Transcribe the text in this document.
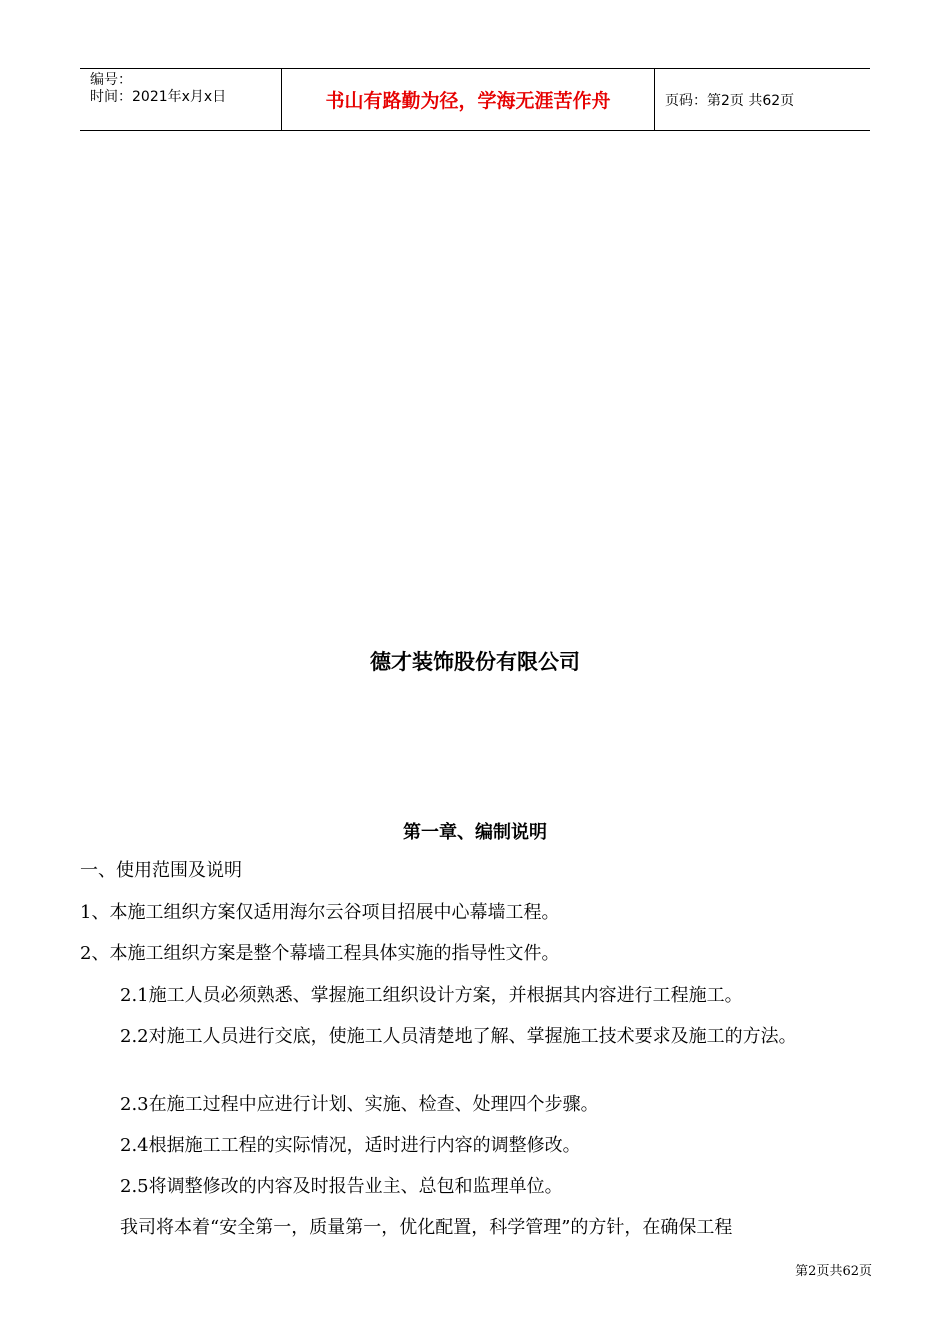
编号：
时间：2021年x月x日	书山有路勤为径，学海无涯苦作舟	页码：第2页 共62页
德才装饰股份有限公司
第一章、编制说明

一、使用范围及说明

1、本施工组织方案仅适用海尔云谷项目招展中心幕墙工程。

2、本施工组织方案是整个幕墙工程具体实施的指导性文件。

2.1施工人员必须熟悉、掌握施工组织设计方案，并根据其内容进行工程施工。

2.2对施工人员进行交底，使施工人员清楚地了解、掌握施工技术要求及施工的方法。

2.3在施工过程中应进行计划、实施、检查、处理四个步骤。

2.4根据施工工程的实际情况，适时进行内容的调整修改。

2.5将调整修改的内容及时报告业主、总包和监理单位。

我司将本着“安全第一，质量第一，优化配置，科学管理”的方针，在确保工程

第2页共62页
